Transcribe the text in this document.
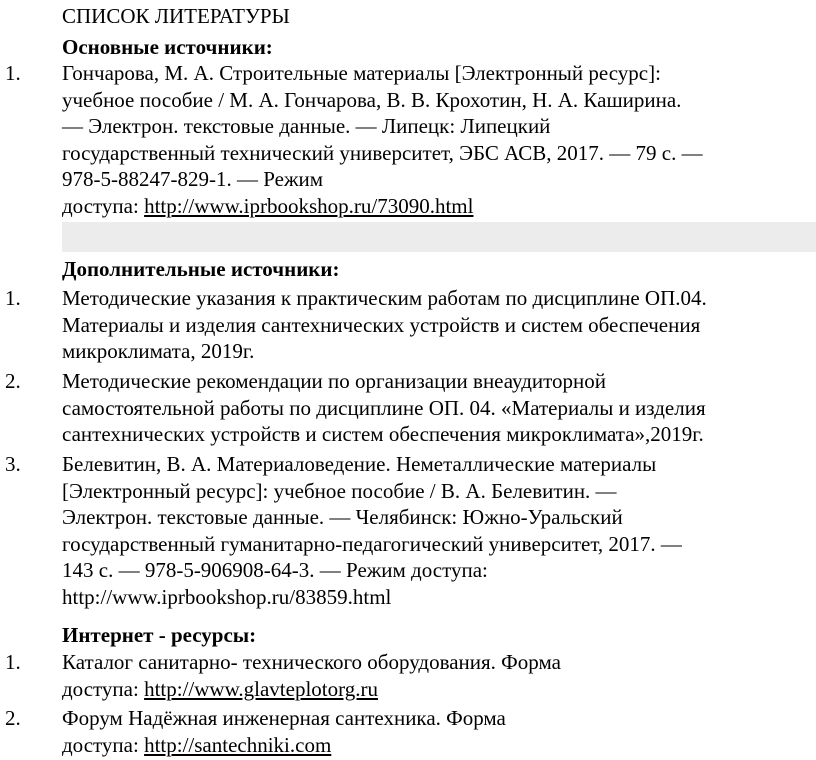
СПИСОК ЛИТЕРАТУРЫ
Основные источники:
1. Гончарова, М. А. Строительные материалы [Электронный ресурс]:
учебное пособие / М. А. Гончарова, В. В. Крохотин, Н. А. Каширина.
— Электрон. текстовые данные. — Липецк: Липецкий
государственный технический университет, ЭБС АСВ, 2017. — 79 с. —
978-5-88247-829-1. — Режим
доступа: http://www.iprbookshop.ru/73090.html
Дополнительные источники:
1. Методические указания к практическим работам по дисциплине ОП.04.
Материалы и изделия сантехнических устройств и систем обеспечения
микроклимата, 2019г.
2. Методические рекомендации по организации внеаудиторной
самостоятельной работы по дисциплине ОП. 04. «Материалы и изделия
сантехнических устройств и систем обеспечения микроклимата»,2019г.
3. Белевитин, В. А. Материаловедение. Неметаллические материалы
[Электронный ресурс]: учебное пособие / В. А. Белевитин. —
Электрон. текстовые данные. — Челябинск: Южно-Уральский
государственный гуманитарно-педагогический университет, 2017. —
143 с. — 978-5-906908-64-3. — Режим доступа:
http://www.iprbookshop.ru/83859.html
Интернет - ресурсы:
1. Каталог санитарно- технического оборудования. Форма
доступа: http://www.glavteplotorg.ru
2. Форум Надёжная инженерная сантехника. Форма
доступа: http://santechniki.com
